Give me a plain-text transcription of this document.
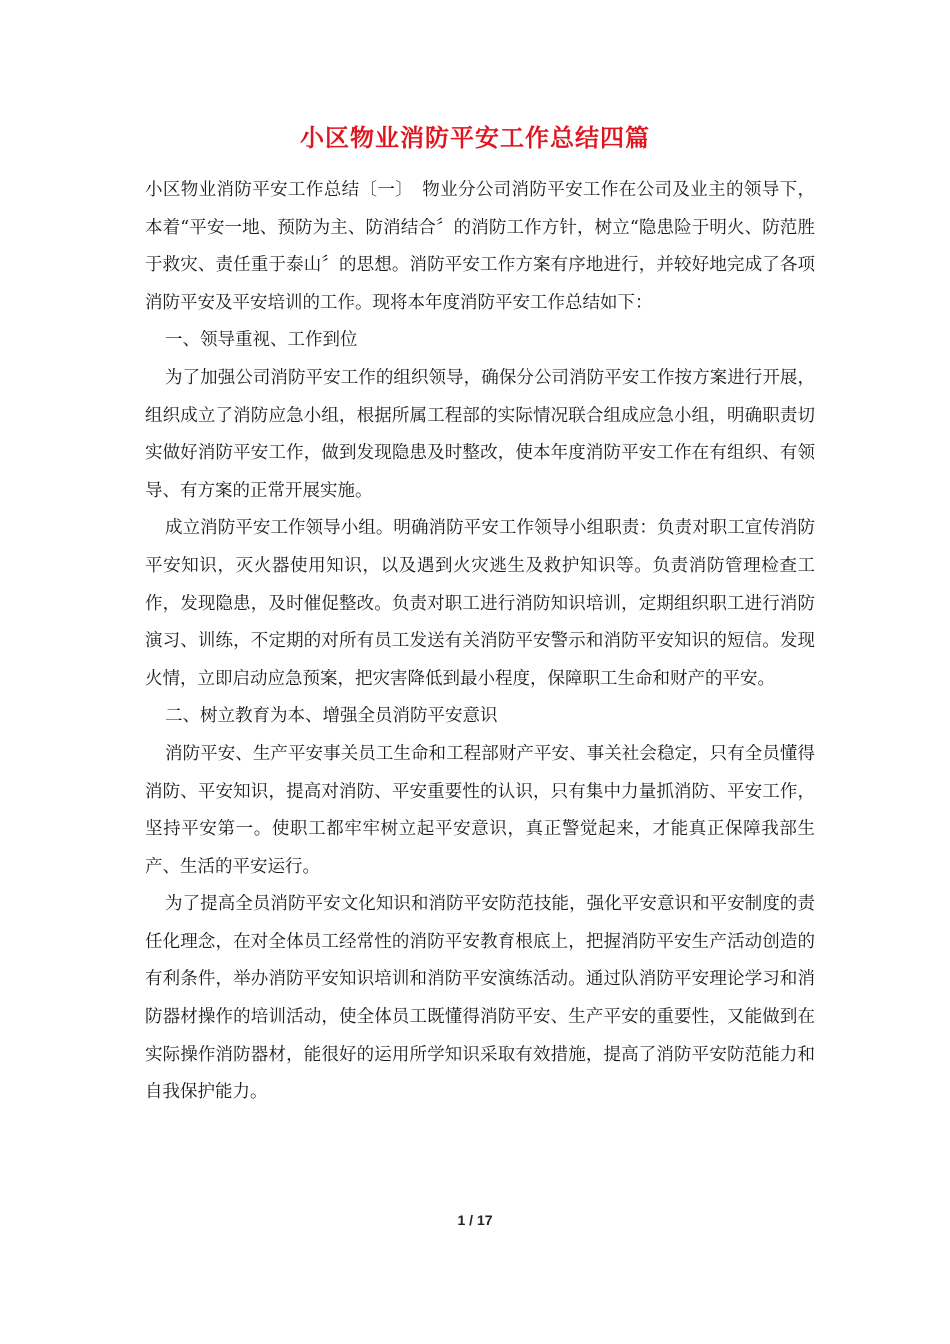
小区物业消防平安工作总结四篇

小区物业消防平安工作总结〔一〕　物业分公司消防平安工作在公司及业主的领导下，本着“平安一地、预防为主、防消结合〞的消防工作方针，树立“隐患险于明火、防范胜于救灾、责任重于泰山〞的思想。消防平安工作方案有序地进行，并较好地完成了各项消防平安及平安培训的工作。现将本年度消防平安工作总结如下：

一、领导重视、工作到位

为了加强公司消防平安工作的组织领导，确保分公司消防平安工作按方案进行开展，组织成立了消防应急小组，根据所属工程部的实际情况联合组成应急小组，明确职责切实做好消防平安工作，做到发现隐患及时整改，使本年度消防平安工作在有组织、有领导、有方案的正常开展实施。

成立消防平安工作领导小组。明确消防平安工作领导小组职责：负责对职工宣传消防平安知识，灭火器使用知识，以及遇到火灾逃生及救护知识等。负责消防管理检查工作，发现隐患，及时催促整改。负责对职工进行消防知识培训，定期组织职工进行消防演习、训练，不定期的对所有员工发送有关消防平安警示和消防平安知识的短信。发现火情，立即启动应急预案，把灾害降低到最小程度，保障职工生命和财产的平安。

二、树立教育为本、增强全员消防平安意识

消防平安、生产平安事关员工生命和工程部财产平安、事关社会稳定，只有全员懂得消防、平安知识，提高对消防、平安重要性的认识，只有集中力量抓消防、平安工作，坚持平安第一。使职工都牢牢树立起平安意识，真正警觉起来，才能真正保障我部生产、生活的平安运行。

为了提高全员消防平安文化知识和消防平安防范技能，强化平安意识和平安制度的责任化理念，在对全体员工经常性的消防平安教育根底上，把握消防平安生产活动创造的有利条件，举办消防平安知识培训和消防平安演练活动。通过队消防平安理论学习和消防器材操作的培训活动，使全体员工既懂得消防平安、生产平安的重要性，又能做到在实际操作消防器材，能很好的运用所学知识采取有效措施，提高了消防平安防范能力和自我保护能力。

1 / 17
